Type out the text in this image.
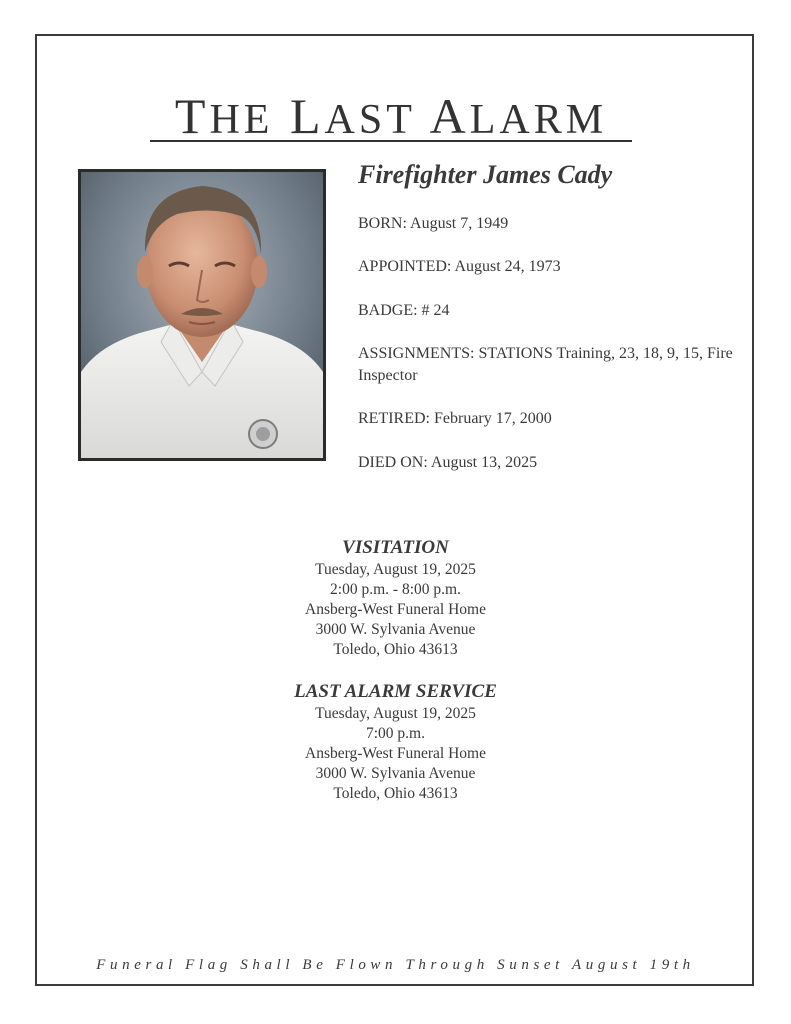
THE LAST ALARM
Firefighter James Cady
BORN: August 7, 1949
APPOINTED: August 24, 1973
BADGE: # 24
ASSIGNMENTS: STATIONS Training, 23, 18, 9, 15, Fire Inspector
RETIRED: February 17, 2000
DIED ON: August 13, 2025
VISITATION
Tuesday, August 19, 2025
2:00 p.m. - 8:00 p.m.
Ansberg-West Funeral Home
3000 W. Sylvania Avenue
Toledo, Ohio 43613
LAST ALARM SERVICE
Tuesday, August 19, 2025
7:00 p.m.
Ansberg-West Funeral Home
3000 W. Sylvania Avenue
Toledo, Ohio 43613
Funeral Flag Shall Be Flown Through Sunset August 19th
